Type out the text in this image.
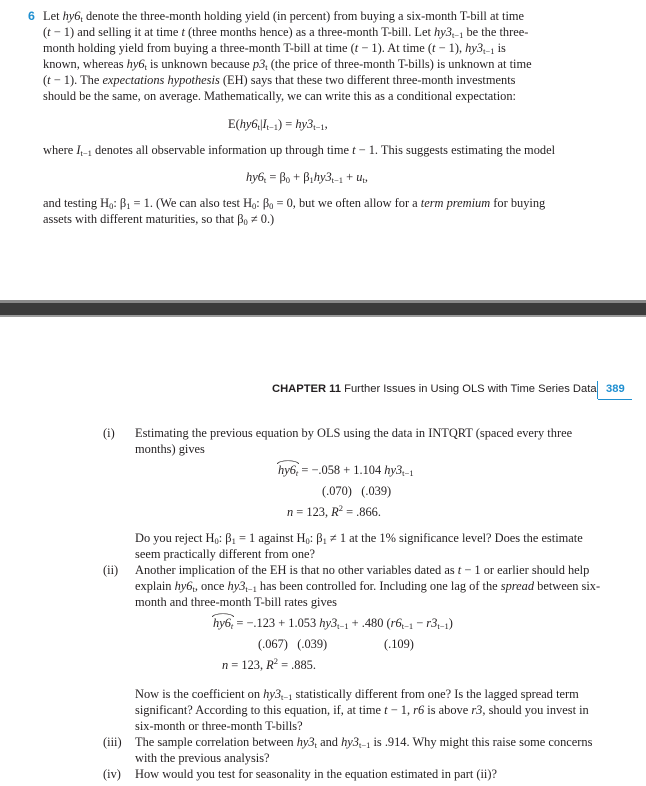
6 Let $hy6_t$ denote the three-month holding yield (in percent) from buying a six-month T-bill at time
(t − 1) and selling it at time t (three months hence) as a three-month T-bill. Let $hy3_{t-1}$ be the three-
month holding yield from buying a three-month T-bill at time (t − 1). At time (t − 1), $hy3_{t-1}$ is
known, whereas $hy6_t$ is unknown because $p3_t$ (the price of three-month T-bills) is unknown at time
(t − 1). The expectations hypothesis (EH) says that these two different three-month investments
should be the same, on average. Mathematically, we can write this as a conditional expectation:
$E(hy6_t|I_{t-1}) = hy3_{t-1}$,
where $I_{t-1}$ denotes all observable information up through time t − 1. This suggests estimating the model
$hy6_t = \beta_0 + \beta_1hy3_{t-1} + u_t$,
and testing $H_0$: $\beta_1 = 1$. (We can also test $H_0$: $\beta_0 = 0$, but we often allow for a term premium for buying
assets with different maturities, so that $\beta_0 \ne 0$.)
CHAPTER 11 Further Issues in Using OLS with Time Series Data 389
(i) Estimating the previous equation by OLS using the data in INTQRT (spaced every three
months) gives
$hy6_t = -.058 + 1.104$ $hy3_{t-1}$
(.070)   (.039)
n = 123, $R^2 = .866$.
Do you reject $H_0$: $\beta_1 = 1$ against $H_0$: $\beta_1 \ne 1$ at the 1% significance level? Does the estimate
seem practically different from one?
(ii) Another implication of the EH is that no other variables dated as t − 1 or earlier should help
explain $hy6_t$, once $hy3_{t-1}$ has been controlled for. Including one lag of the spread between six-
month and three-month T-bill rates gives
$hy6_t = -.123 + 1.053$ $hy3_{t-1} + .480$ $(r6_{t-1} - r3_{t-1})$
(.067)   (.039)	(.109)
n = 123, $R^2 = .885$.
Now is the coefficient on $hy3_{t-1}$ statistically different from one? Is the lagged spread term
significant? According to this equation, if, at time t − 1, r6 is above r3, should you invest in
six-month or three-month T-bills?
(iii) The sample correlation between $hy3_t$ and $hy3_{t-1}$ is .914. Why might this raise some concerns
with the previous analysis?
(iv) How would you test for seasonality in the equation estimated in part (ii)?
